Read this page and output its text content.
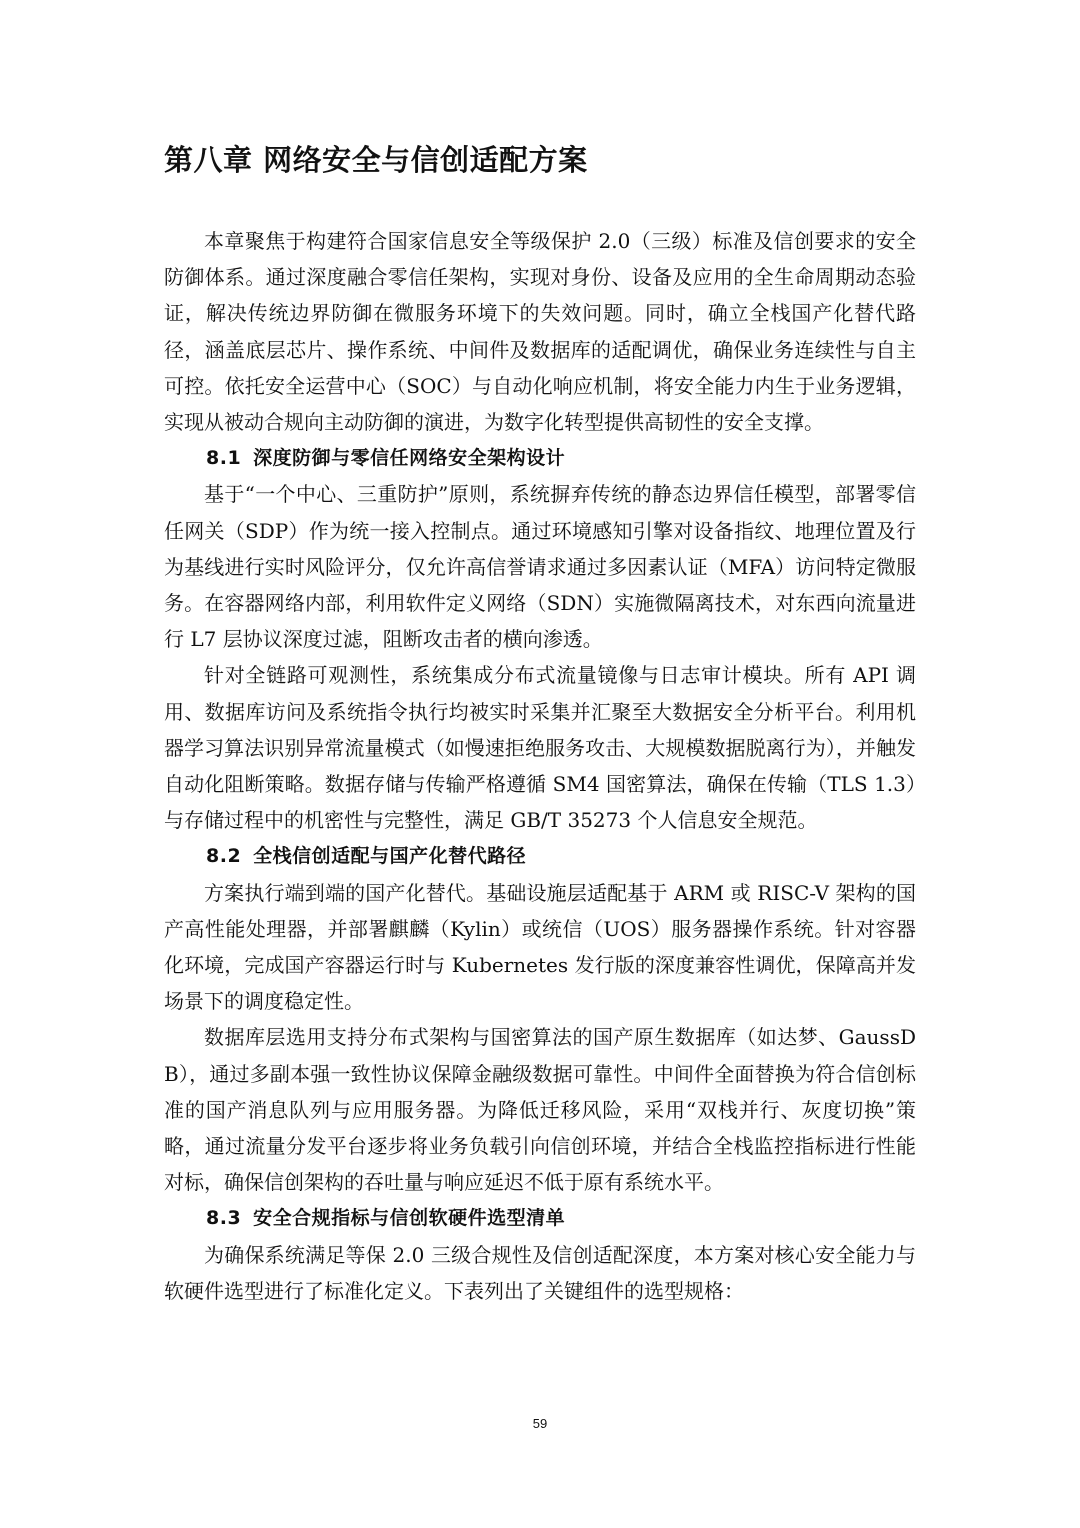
第八章 网络安全与信创适配方案

本章聚焦于构建符合国家信息安全等级保护 2.0（三级）标准及信创要求的安全防御体系。通过深度融合零信任架构，实现对身份、设备及应用的全生命周期动态验证，解决传统边界防御在微服务环境下的失效问题。同时，确立全栈国产化替代路径，涵盖底层芯片、操作系统、中间件及数据库的适配调优，确保业务连续性与自主可控。依托安全运营中心（SOC）与自动化响应机制，将安全能力内生于业务逻辑，实现从被动合规向主动防御的演进，为数字化转型提供高韧性的安全支撑。

8.1 深度防御与零信任网络安全架构设计

基于“一个中心、三重防护”原则，系统摒弃传统的静态边界信任模型，部署零信任网关（SDP）作为统一接入控制点。通过环境感知引擎对设备指纹、地理位置及行为基线进行实时风险评分，仅允许高信誉请求通过多因素认证（MFA）访问特定微服务。在容器网络内部，利用软件定义网络（SDN）实施微隔离技术，对东西向流量进行 L7 层协议深度过滤，阻断攻击者的横向渗透。

针对全链路可观测性，系统集成分布式流量镜像与日志审计模块。所有 API 调用、数据库访问及系统指令执行均被实时采集并汇聚至大数据安全分析平台。利用机器学习算法识别异常流量模式（如慢速拒绝服务攻击、大规模数据脱离行为），并触发自动化阻断策略。数据存储与传输严格遵循 SM4 国密算法，确保在传输（TLS 1.3）与存储过程中的机密性与完整性，满足 GB/T 35273 个人信息安全规范。

8.2 全栈信创适配与国产化替代路径

方案执行端到端的国产化替代。基础设施层适配基于 ARM 或 RISC-V 架构的国产高性能处理器，并部署麒麟（Kylin）或统信（UOS）服务器操作系统。针对容器化环境，完成国产容器运行时与 Kubernetes 发行版的深度兼容性调优，保障高并发场景下的调度稳定性。

数据库层选用支持分布式架构与国密算法的国产原生数据库（如达梦、GaussDB），通过多副本强一致性协议保障金融级数据可靠性。中间件全面替换为符合信创标准的国产消息队列与应用服务器。为降低迁移风险，采用“双栈并行、灰度切换”策略，通过流量分发平台逐步将业务负载引向信创环境，并结合全栈监控指标进行性能对标，确保信创架构的吞吐量与响应延迟不低于原有系统水平。

8.3 安全合规指标与信创软硬件选型清单

为确保系统满足等保 2.0 三级合规性及信创适配深度，本方案对核心安全能力与软硬件选型进行了标准化定义。下表列出了关键组件的选型规格：

59
